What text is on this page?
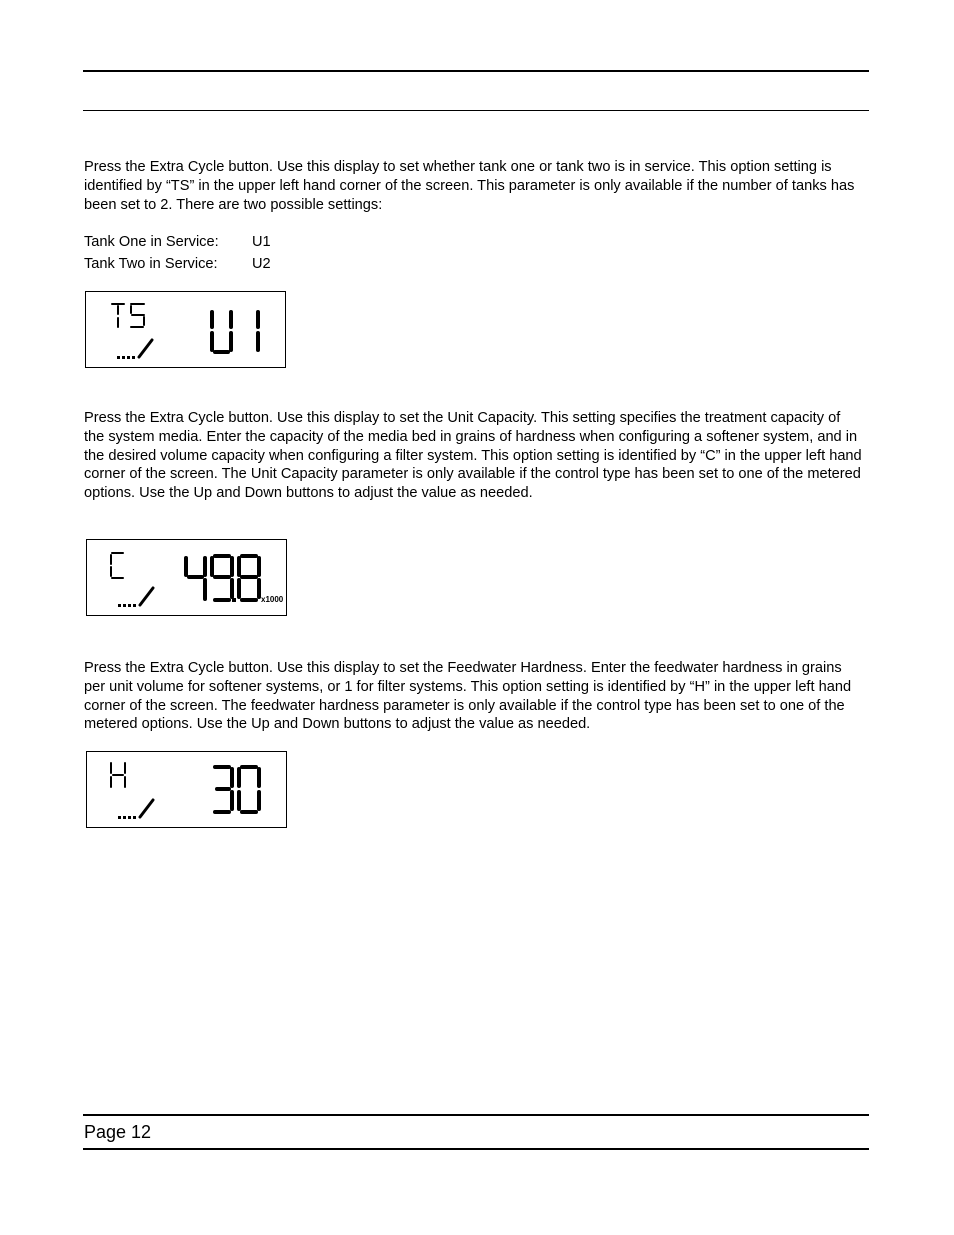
Press the Extra Cycle button. Use this display to set whether tank one or tank two is in service. This option setting is identified by “TS” in the upper left hand corner of the screen. This parameter is only available if the number of tanks has been set to 2. There are two possible settings:

Tank One in Service: U1
Tank Two in Service: U2

Press the Extra Cycle button. Use this display to set the Unit Capacity. This setting specifies the treatment capacity of the system media. Enter the capacity of the media bed in grains of hardness when configuring a softener system, and in the desired volume capacity when configuring a filter system. This option setting is identified by “C” in the upper left hand corner of the screen. The Unit Capacity parameter is only available if the control type has been set to one of the metered options. Use the Up and Down buttons to adjust the value as needed.

x1000

Press the Extra Cycle button. Use this display to set the Feedwater Hardness. Enter the feedwater hardness in grains per unit volume for softener systems, or 1 for filter systems. This option setting is identified by “H” in the upper left hand corner of the screen. The feedwater hardness parameter is only available if the control type has been set to one of the metered options. Use the Up and Down buttons to adjust the value as needed.

Page 12
